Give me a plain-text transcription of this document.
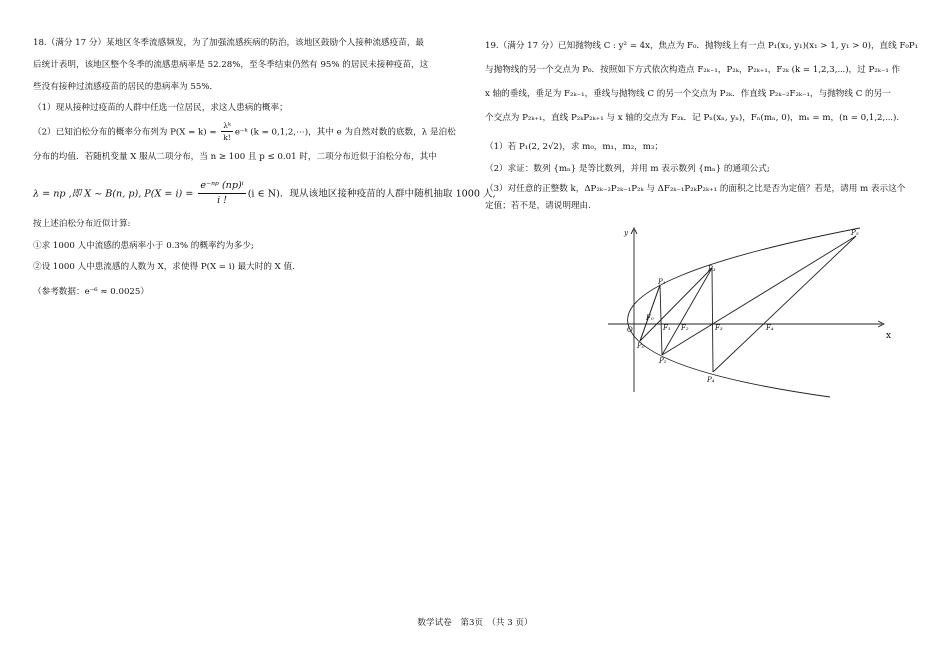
18.（满分 17 分）某地区冬季流感频发，为了加强流感疾病的防治，该地区鼓励个人接种流感疫苗，最
后统计表明，该地区整个冬季的流感患病率是 52.28%，至冬季结束仍然有 95% 的居民未接种疫苗，这
些没有接种过流感疫苗的居民的患病率为 55%．
（1）现从接种过疫苗的人群中任选一位居民，求这人患病的概率；
（2）已知泊松分布的概率分布列为 $P(X = k) = \frac{\text{λᵏ}}{k!}$ e⁻ᵏ (k = 0,1,2,⋯)，其中 e 为自然对数的底数，λ 是泊松
分布的均值．若随机变量 X 服从二项分布，当 n ≥ 100 且 p ≤ 0.01 时，二项分布近似于泊松分布，其中
λ = np ,即 X ~ B(n, p), $P(X = i) = \frac{\text{e⁻ⁿᵖ (np)ⁱ}}{i !} (i$ ∈ N)．现从该地区接种疫苗的人群中随机抽取 1000 人,
按上述泊松分布近似计算:
①求 1000 人中流感的患病率小于 0.3% 的概率约为多少;
②设 1000 人中患流感的人数为 X，求使得 P(X = i) 最大时的 X 值.
（参考数据：e⁻⁶ ≈ 0.0025）
19.（满分 17 分）已知抛物线 C : y² = 4x，焦点为 F₀．抛物线上有一点 P₁(x₁, y₁)(x₁ > 1, y₁ > 0)，直线 F₀P₁
与抛物线的另一个交点为 P₀．按照如下方式依次构造点 F₂ₖ₋₁，P₂ₖ，P₂ₖ₊₁，F₂ₖ (k = 1,2,3,⋯)，过 P₂ₖ₋₁ 作
x 轴的垂线，垂足为 F₂ₖ₋₁，垂线与抛物线 C 的另一个交点为 P₂ₖ．作直线 P₂ₖ₋₂F₂ₖ₋₁，与抛物线 C 的另一
个交点为 P₂ₖ₊₁，直线 P₂ₖP₂ₖ₊₁ 与 x 轴的交点为 F₂ₖ．记 Pₙ(xₙ, yₙ)，Fₙ(mₙ, 0)，mₛ = m，(n = 0,1,2,⋯).
（1）若 P₁(2, 2√2)，求 m₀，m₁，m₂，m₃；
（2）求证：数列 {mₙ} 是等比数列，并用 m 表示数列 {mₙ} 的通项公式;
（3）对任意的正整数 k，ΔP₂ₖ₋₂P₂ₖ₋₁P₂ₖ 与 ΔF₂ₖ₋₁P₂ₖP₂ₖ₊₁ 的面积之比是否为定值？若是，请用 m 表示这个
定值；若不是，请说明理由.
y
x
O
P₁
P₂
P₃
P₄
P₅
P₀
F₀
F₁ F₂	F₃	F₄
数学试卷　第3页　（共 3 页）
